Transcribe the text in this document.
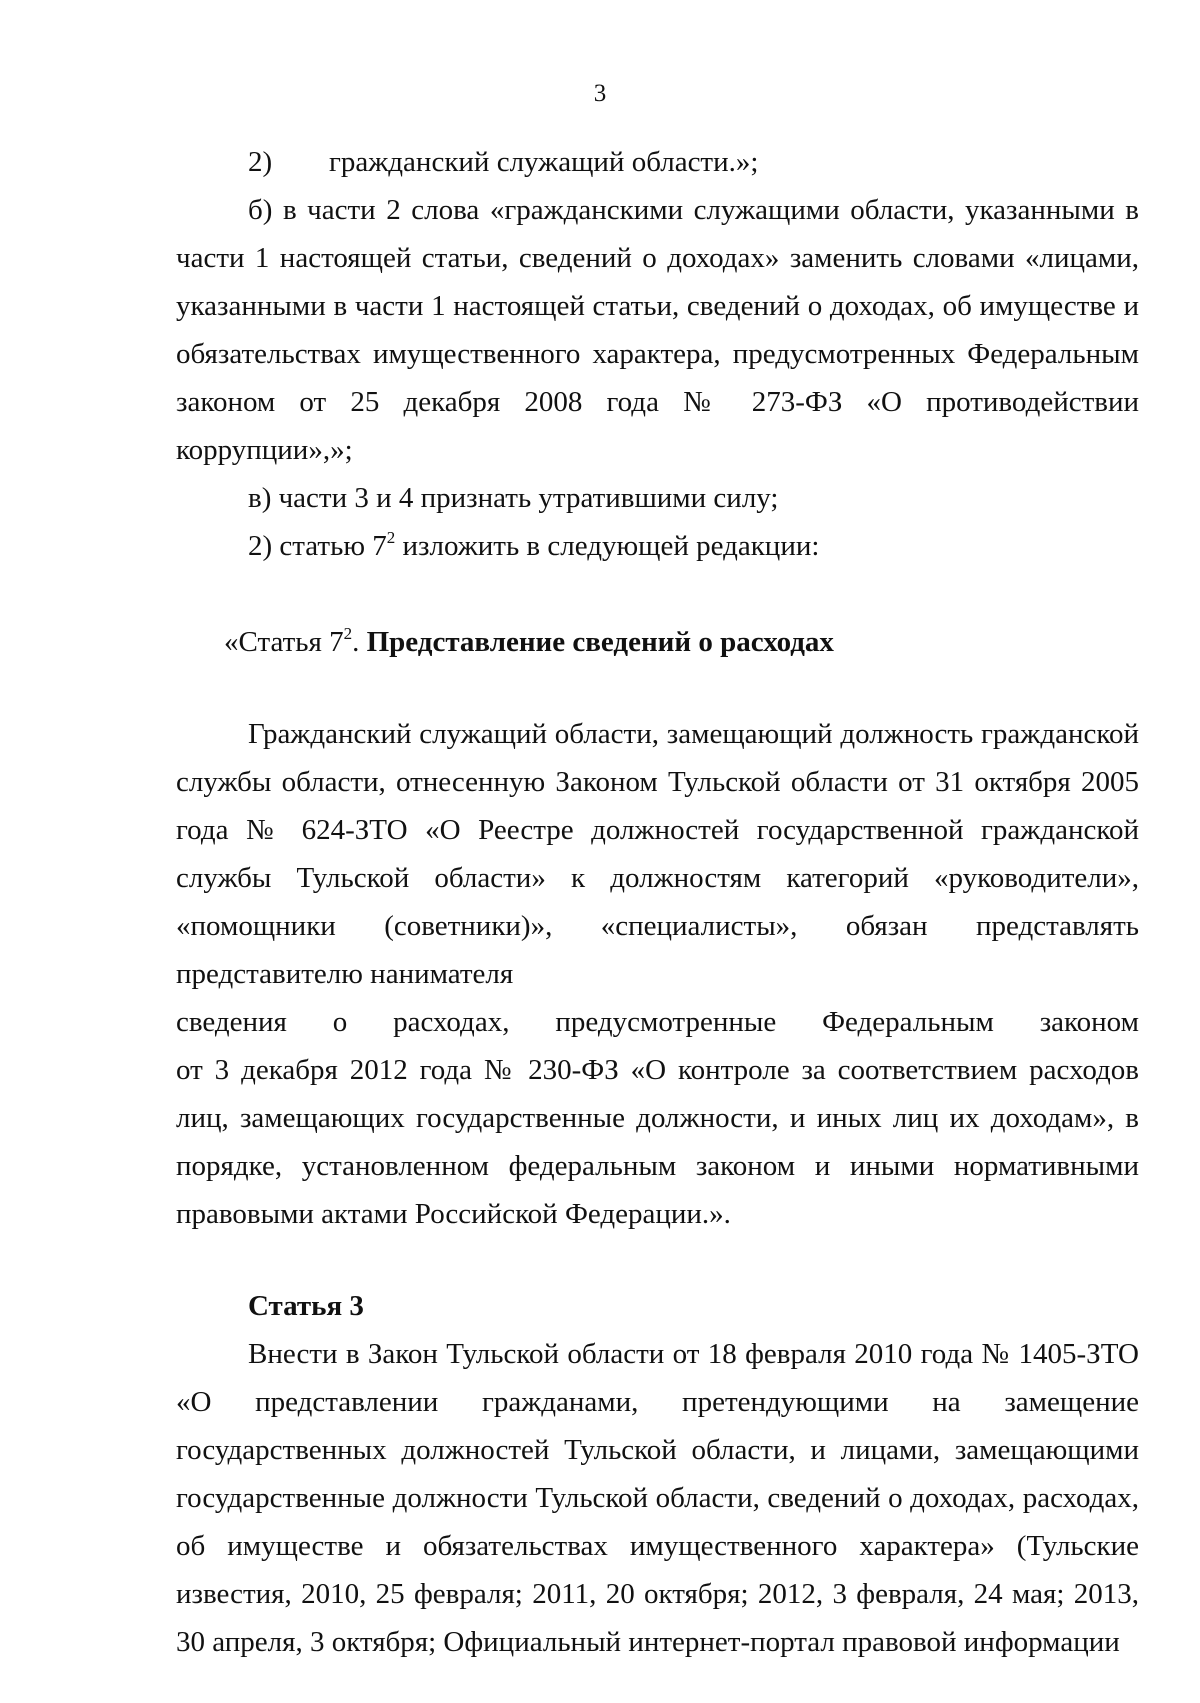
3

2) гражданский служащий области.»;

б) в части 2 слова «гражданскими служащими области, указанными в части 1 настоящей статьи, сведений о доходах» заменить словами «лицами, указанными в части 1 настоящей статьи, сведений о доходах, об имуществе и обязательствах имущественного характера, предусмотренных Федеральным законом от 25 декабря 2008 года № 273-ФЗ «О противодействии коррупции»,»;

в) части 3 и 4 признать утратившими силу;

2) статью $7^2$ изложить в следующей редакции:

«Статья $7^2$. Представление сведений о расходах

Гражданский служащий области, замещающий должность гражданской службы области, отнесенную Законом Тульской области от 31 октября 2005 года № 624-ЗТО «О Реестре должностей государственной гражданской службы Тульской области» к должностям категорий «руководители», «помощники (советники)», «специалисты», обязан представлять представителю нанимателя

сведения о расходах, предусмотренные Федеральным законом

от 3 декабря 2012 года № 230-ФЗ «О контроле за соответствием расходов лиц, замещающих государственные должности, и иных лиц их доходам», в порядке, установленном федеральным законом и иными нормативными правовыми актами Российской Федерации.».

Статья 3

Внести в Закон Тульской области от 18 февраля 2010 года № 1405-ЗТО «О представлении гражданами, претендующими на замещение государственных должностей Тульской области, и лицами, замещающими государственные должности Тульской области, сведений о доходах, расходах, об имуществе и обязательствах имущественного характера» (Тульские известия, 2010, 25 февраля; 2011, 20 октября; 2012, 3 февраля, 24 мая; 2013, 30 апреля, 3 октября; Официальный интернет-портал правовой информации
